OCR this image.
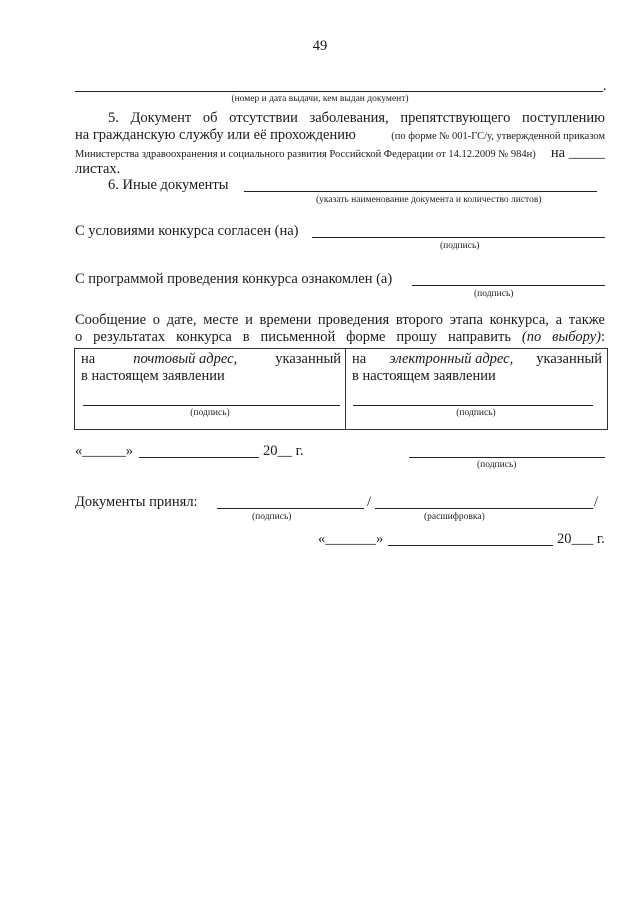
49
.
(номер и дата выдачи, кем выдан документ)
5. Документ об отсутствии заболевания, препятствующего поступлению
на гражданскую службу или её прохождению	(по форме № 001-ГС/у, утвержденной приказом
Министерства здравоохранения и социального развития Российской Федерации от 14.12.2009 № 984н) на _____
листах.
6. Иные документы
(указать наименование документа и количество листов)
С условиями конкурса согласен (на)
(подпись)
С программой проведения конкурса ознакомлен (а)
(подпись)
Сообщение о дате, месте и времени проведения второго этапа конкурса, а также
о результатах конкурса в письменной форме прошу направить (по выбору):
на	почтовый адрес,	указанный
в настоящем заявлении
(подпись)
на электронный адрес, указанный
в настоящем заявлении
(подпись)
«______»	20__ г.
(подпись)
Документы принял:	/	/
(подпись)	(расшифровка)
«_______»	20___ г.
